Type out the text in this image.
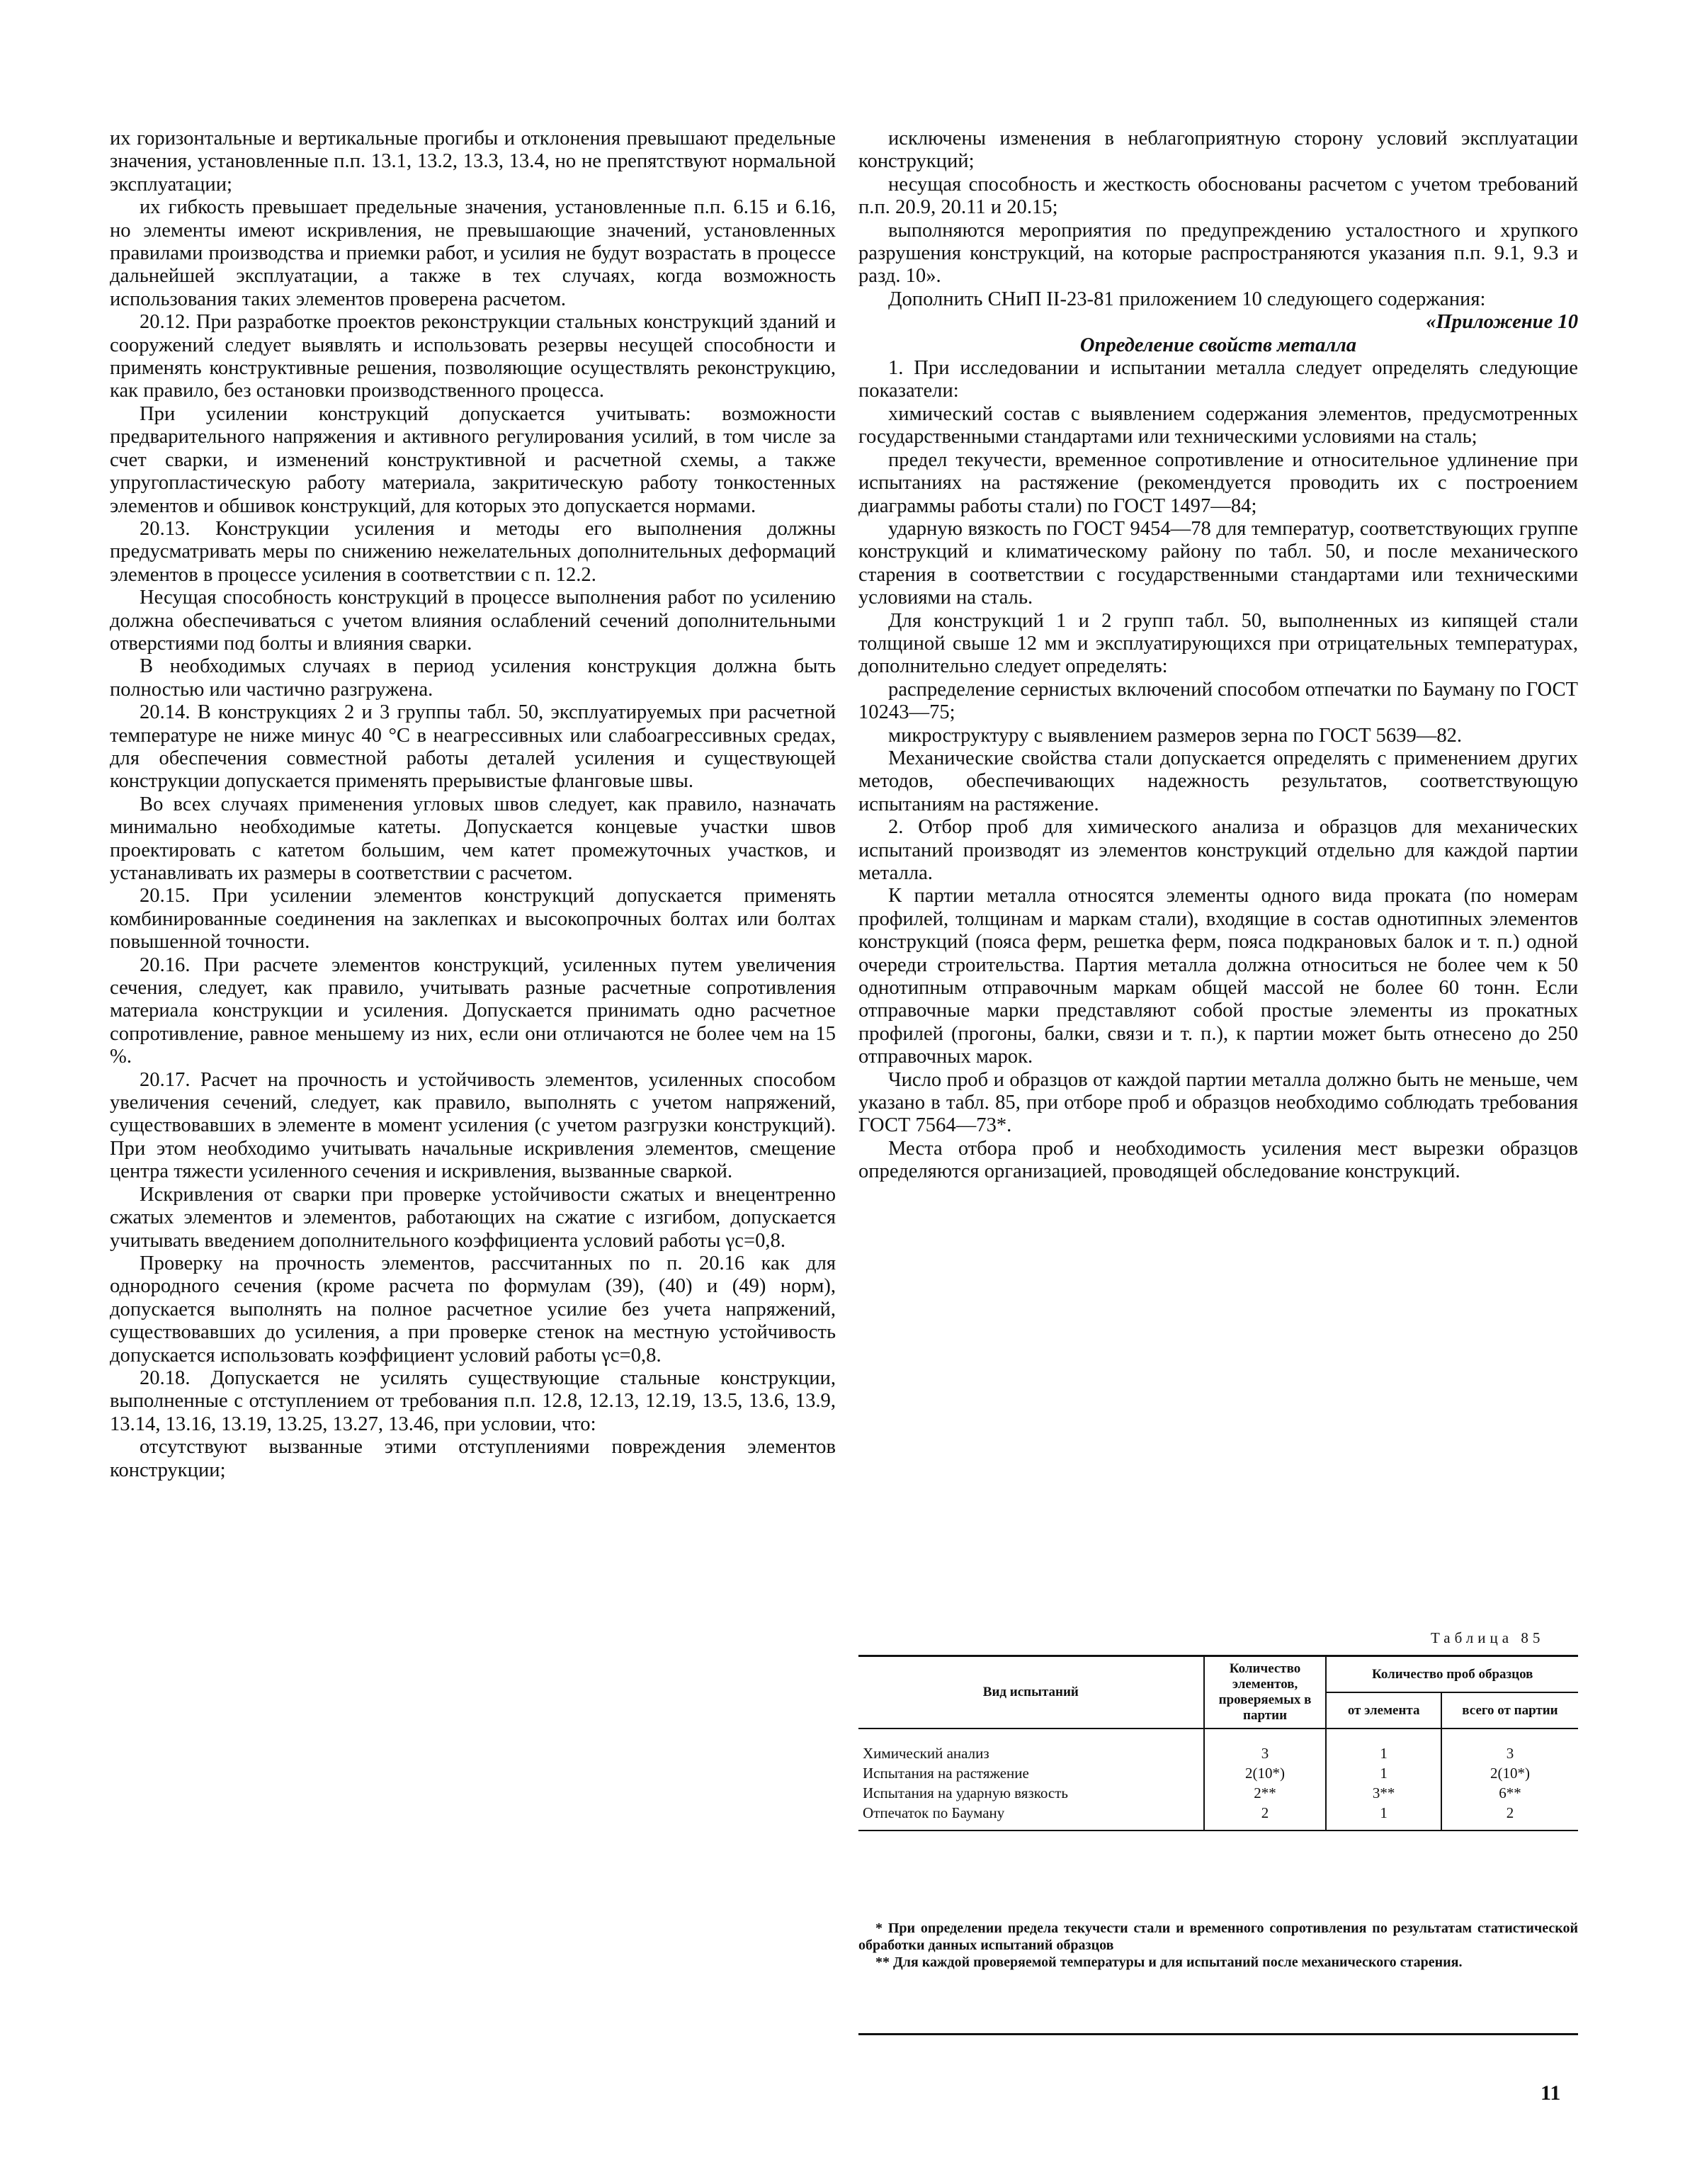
их горизонтальные и вертикальные прогибы и отклонения превышают предельные значения, установленные п.п. 13.1, 13.2, 13.3, 13.4, но не препятствуют нормальной эксплуатации;

их гибкость превышает предельные значения, установленные п.п. 6.15 и 6.16, но элементы имеют искривления, не превышающие значений, установленных правилами производства и приемки работ, и усилия не будут возрастать в процессе дальнейшей эксплуатации, а также в тех случаях, когда возможность использования таких элементов проверена расчетом.

20.12. При разработке проектов реконструкции стальных конструкций зданий и сооружений следует выявлять и использовать резервы несущей способности и применять конструктивные решения, позволяющие осуществлять реконструкцию, как правило, без остановки производственного процесса.

При усилении конструкций допускается учитывать: возможности предварительного напряжения и активного регулирования усилий, в том числе за счет сварки, и изменений конструктивной и расчетной схемы, а также упругопластическую работу материала, закритическую работу тонкостенных элементов и обшивок конструкций, для которых это допускается нормами.

20.13. Конструкции усиления и методы его выполнения должны предусматривать меры по снижению нежелательных дополнительных деформаций элементов в процессе усиления в соответствии с п. 12.2.

Несущая способность конструкций в процессе выполнения работ по усилению должна обеспечиваться с учетом влияния ослаблений сечений дополнительными отверстиями под болты и влияния сварки.

В необходимых случаях в период усиления конструкция должна быть полностью или частично разгружена.

20.14. В конструкциях 2 и 3 группы табл. 50, эксплуатируемых при расчетной температуре не ниже минус 40 °С в неагрессивных или слабоагрессивных средах, для обеспечения совместной работы деталей усиления и существующей конструкции допускается применять прерывистые фланговые швы.

Во всех случаях применения угловых швов следует, как правило, назначать минимально необходимые катеты. Допускается концевые участки швов проектировать с катетом большим, чем катет промежуточных участков, и устанавливать их размеры в соответствии с расчетом.

20.15. При усилении элементов конструкций допускается применять комбинированные соединения на заклепках и высокопрочных болтах или болтах повышенной точности.

20.16. При расчете элементов конструкций, усиленных путем увеличения сечения, следует, как правило, учитывать разные расчетные сопротивления материала конструкции и усиления. Допускается принимать одно расчетное сопротивление, равное меньшему из них, если они отличаются не более чем на 15 %.

20.17. Расчет на прочность и устойчивость элементов, усиленных способом увеличения сечений, следует, как правило, выполнять с учетом напряжений, существовавших в элементе в момент усиления (с учетом разгрузки конструкций). При этом необходимо учитывать начальные искривления элементов, смещение центра тяжести усиленного сечения и искривления, вызванные сваркой.

Искривления от сварки при проверке устойчивости сжатых и внецентренно сжатых элементов и элементов, работающих на сжатие с изгибом, допускается учитывать введением дополнительного коэффициента условий работы γc=0,8.

Проверку на прочность элементов, рассчитанных по п. 20.16 как для однородного сечения (кроме расчета по формулам (39), (40) и (49) норм), допускается выполнять на полное расчетное усилие без учета напряжений, существовавших до усиления, а при проверке стенок на местную устойчивость допускается использовать коэффициент условий работы γc=0,8.

20.18. Допускается не усилять существующие стальные конструкции, выполненные с отступлением от требования п.п. 12.8, 12.13, 12.19, 13.5, 13.6, 13.9, 13.14, 13.16, 13.19, 13.25, 13.27, 13.46, при условии, что:

отсутствуют вызванные этими отступлениями повреждения элементов конструкции;

исключены изменения в неблагоприятную сторону условий эксплуатации конструкций;

несущая способность и жесткость обоснованы расчетом с учетом требований п.п. 20.9, 20.11 и 20.15;

выполняются мероприятия по предупреждению усталостного и хрупкого разрушения конструкций, на которые распространяются указания п.п. 9.1, 9.3 и разд. 10».

Дополнить СНиП II-23-81 приложением 10 следующего содержания:

«Приложение 10

Определение свойств металла

1. При исследовании и испытании металла следует определять следующие показатели:

химический состав с выявлением содержания элементов, предусмотренных государственными стандартами или техническими условиями на сталь;

предел текучести, временное сопротивление и относительное удлинение при испытаниях на растяжение (рекомендуется проводить их с построением диаграммы работы стали) по ГОСТ 1497—84;

ударную вязкость по ГОСТ 9454—78 для температур, соответствующих группе конструкций и климатическому району по табл. 50, и после механического старения в соответствии с государственными стандартами или техническими условиями на сталь.

Для конструкций 1 и 2 групп табл. 50, выполненных из кипящей стали толщиной свыше 12 мм и эксплуатирующихся при отрицательных температурах, дополнительно следует определять:

распределение сернистых включений способом отпечатки по Бауману по ГОСТ 10243—75;

микроструктуру с выявлением размеров зерна по ГОСТ 5639—82.

Механические свойства стали допускается определять с применением других методов, обеспечивающих надежность результатов, соответствующую испытаниям на растяжение.

2. Отбор проб для химического анализа и образцов для механических испытаний производят из элементов конструкций отдельно для каждой партии металла.

К партии металла относятся элементы одного вида проката (по номерам профилей, толщинам и маркам стали), входящие в состав однотипных элементов конструкций (пояса ферм, решетка ферм, пояса подкрановых балок и т. п.) одной очереди строительства. Партия металла должна относиться не более чем к 50 однотипным отправочным маркам общей массой не более 60 тонн. Если отправочные марки представляют собой простые элементы из прокатных профилей (прогоны, балки, связи и т. п.), к партии может быть отнесено до 250 отправочных марок.

Число проб и образцов от каждой партии металла должно быть не меньше, чем указано в табл. 85, при отборе проб и образцов необходимо соблюдать требования ГОСТ 7564—73*.

Места отбора проб и необходимость усиления мест вырезки образцов определяются организацией, проводящей обследование конструкций.

Таблица 85
Вид испытаний	Количество элементов, проверяемых в партии	Количество проб образцов	
		от элемента	всего от партии
Химический анализ	3	1	3
Испытания на растяжение	2(10*)	1	2(10*)
Испытания на ударную вязкость	2**	3**	6**
Отпечаток по Бауману	2	1	2

* При определении предела текучести стали и временного сопротивления по результатам статистической обработки данных испытаний образцов

** Для каждой проверяемой температуры и для испытаний после механического старения.

11
